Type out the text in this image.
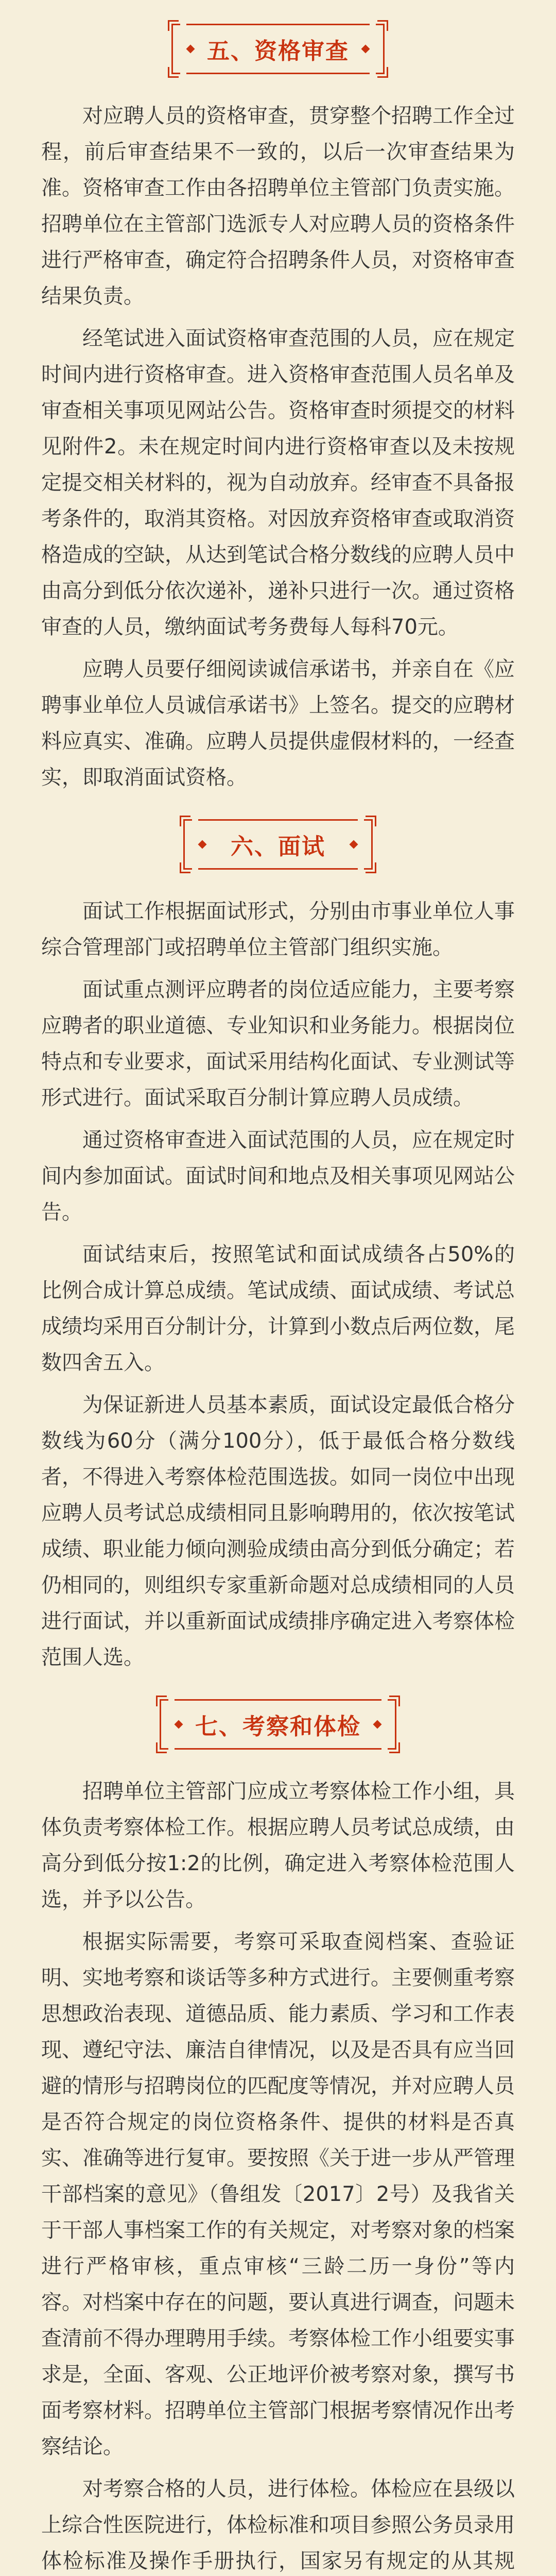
五、资格审查

对应聘人员的资格审查，贯穿整个招聘工作全过程，前后审查结果不一致的，以后一次审查结果为准。资格审查工作由各招聘单位主管部门负责实施。招聘单位在主管部门选派专人对应聘人员的资格条件进行严格审查，确定符合招聘条件人员，对资格审查结果负责。

经笔试进入面试资格审查范围的人员，应在规定时间内进行资格审查。进入资格审查范围人员名单及审查相关事项见网站公告。资格审查时须提交的材料见附件2。未在规定时间内进行资格审查以及未按规定提交相关材料的，视为自动放弃。经审查不具备报考条件的，取消其资格。对因放弃资格审查或取消资格造成的空缺，从达到笔试合格分数线的应聘人员中由高分到低分依次递补，递补只进行一次。通过资格审查的人员，缴纳面试考务费每人每科70元。

应聘人员要仔细阅读诚信承诺书，并亲自在《应聘事业单位人员诚信承诺书》上签名。提交的应聘材料应真实、准确。应聘人员提供虚假材料的，一经查实，即取消面试资格。

六、面试

面试工作根据面试形式，分别由市事业单位人事综合管理部门或招聘单位主管部门组织实施。

面试重点测评应聘者的岗位适应能力，主要考察应聘者的职业道德、专业知识和业务能力。根据岗位特点和专业要求，面试采用结构化面试、专业测试等形式进行。面试采取百分制计算应聘人员成绩。

通过资格审查进入面试范围的人员，应在规定时间内参加面试。面试时间和地点及相关事项见网站公告。

面试结束后，按照笔试和面试成绩各占50%的比例合成计算总成绩。笔试成绩、面试成绩、考试总成绩均采用百分制计分，计算到小数点后两位数，尾数四舍五入。

为保证新进人员基本素质，面试设定最低合格分数线为60分（满分100分），低于最低合格分数线者，不得进入考察体检范围选拔。如同一岗位中出现应聘人员考试总成绩相同且影响聘用的，依次按笔试成绩、职业能力倾向测验成绩由高分到低分确定；若仍相同的，则组织专家重新命题对总成绩相同的人员进行面试，并以重新面试成绩排序确定进入考察体检范围人选。

七、考察和体检

招聘单位主管部门应成立考察体检工作小组，具体负责考察体检工作。根据应聘人员考试总成绩，由高分到低分按1:2的比例，确定进入考察体检范围人选，并予以公告。

根据实际需要，考察可采取查阅档案、查验证明、实地考察和谈话等多种方式进行。主要侧重考察思想政治表现、道德品质、能力素质、学习和工作表现、遵纪守法、廉洁自律情况，以及是否具有应当回避的情形与招聘岗位的匹配度等情况，并对应聘人员是否符合规定的岗位资格条件、提供的材料是否真实、准确等进行复审。要按照《关于进一步从严管理干部档案的意见》（鲁组发〔2017〕2号）及我省关于干部人事档案工作的有关规定，对考察对象的档案进行严格审核，重点审核“三龄二历一身份”等内容。对档案中存在的问题，要认真进行调查，问题未查清前不得办理聘用手续。考察体检工作小组要实事求是，全面、客观、公正地评价被考察对象，撰写书面考察材料。招聘单位主管部门根据考察情况作出考察结论。

对考察合格的人员，进行体检。体检应在县级以上综合性医院进行，体检标准和项目参照公务员录用体检标准及操作手册执行，国家另有规定的从其规
